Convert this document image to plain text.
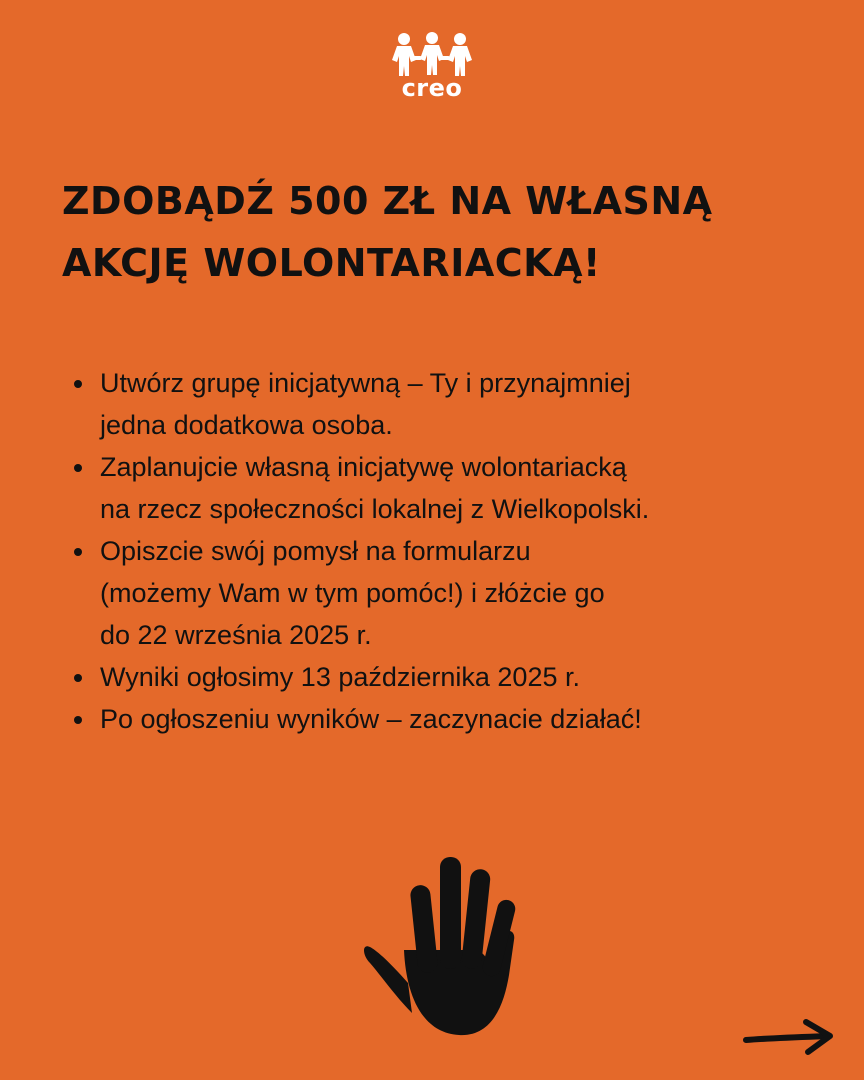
creo
ZDOBĄDŹ 500 ZŁ NA WŁASNĄ
AKCJĘ WOLONTARIACKĄ!
Utwórz grupę inicjatywną – Ty i przynajmniej
jedna dodatkowa osoba.
Zaplanujcie własną inicjatywę wolontariacką
na rzecz społeczności lokalnej z Wielkopolski.
Opiszcie swój pomysł na formularzu
(możemy Wam w tym pomóc!) i złóżcie go
do 22 września 2025 r.
Wyniki ogłosimy 13 października 2025 r.
Po ogłoszeniu wyników – zaczynacie działać!
